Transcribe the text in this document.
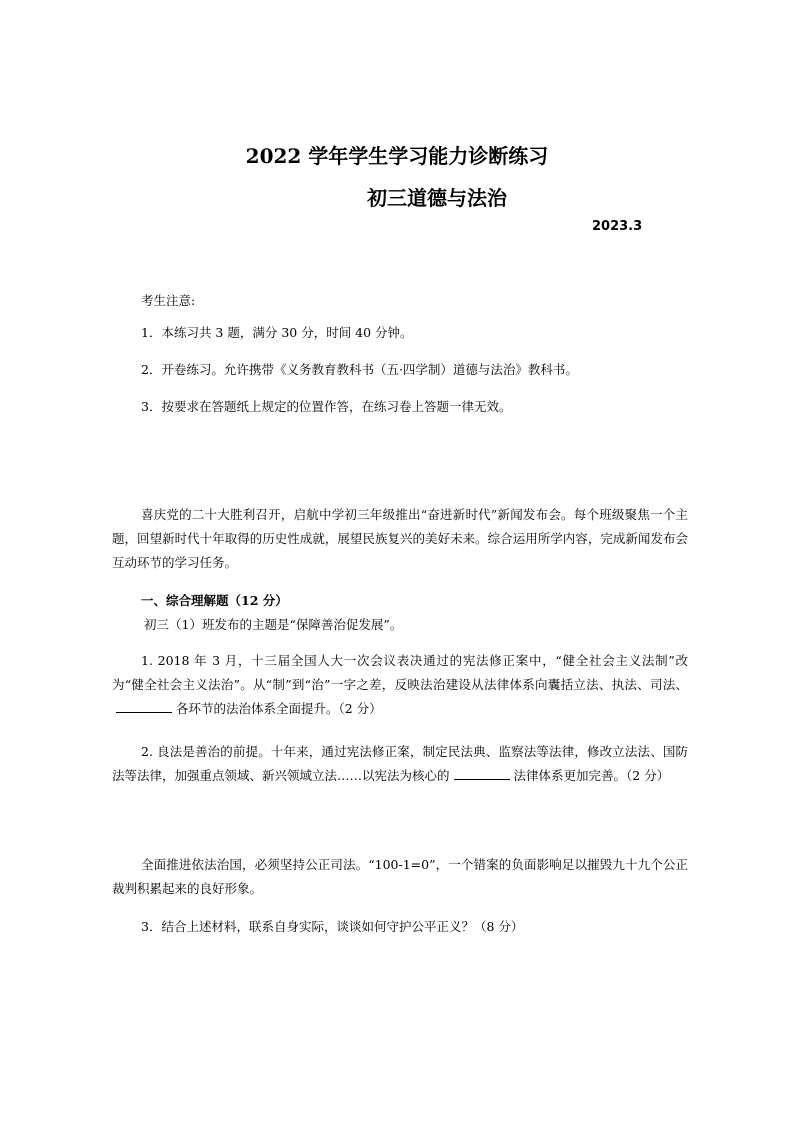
2022 学年学生学习能力诊断练习
初三道德与法治
2023.3
考生注意:
1．本练习共 3 题，满分 30 分，时间 40 分钟。
2．开卷练习。允许携带《义务教育教科书（五·四学制）道德与法治》教科书。
3．按要求在答题纸上规定的位置作答，在练习卷上答题一律无效。
喜庆党的二十大胜利召开，启航中学初三年级推出“奋进新时代”新闻发布会。每个班级聚焦一个主题，回望新时代十年取得的历史性成就，展望民族复兴的美好未来。综合运用所学内容，完成新闻发布会互动环节的学习任务。
一、综合理解题（12 分）
初三（1）班发布的主题是“保障善治促发展”。
1. 2018 年 3 月，十三届全国人大一次会议表决通过的宪法修正案中，“健全社会主义法制”改为“健全社会主义法治”。从“制”到“治”一字之差，反映法治建设从法律体系向囊括立法、执法、司法、各环节的法治体系全面提升。（2 分）
2. 良法是善治的前提。十年来，通过宪法修正案，制定民法典、监察法等法律，修改立法法、国防法等法律，加强重点领域、新兴领域立法……以宪法为核心的	法律体系更加完善。（2 分）
全面推进依法治国，必须坚持公正司法。“100-1=0”，一个错案的负面影响足以摧毁九十九个公正裁判积累起来的良好形象。
3．结合上述材料，联系自身实际，谈谈如何守护公平正义？（8 分）
